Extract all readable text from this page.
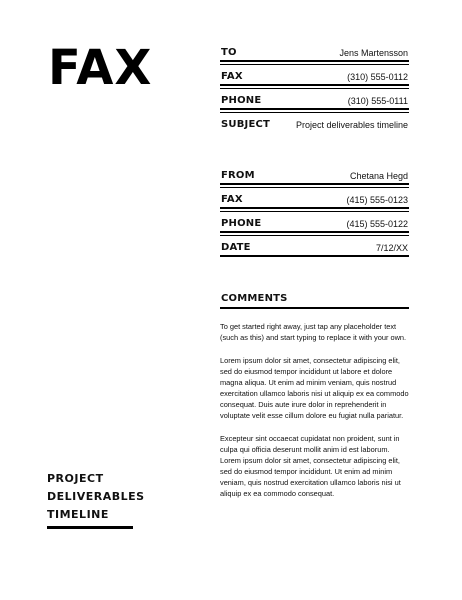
FAX
PROJECT
DELIVERABLES
TIMELINE
TO	Jens Martensson
FAX	(310) 555-0112
PHONE	(310) 555-0111
SUBJECT	Project deliverables timeline
FROM	Chetana Hegd
FAX	(415) 555-0123
PHONE	(415) 555-0122
DATE	7/12/XX
COMMENTS

To get started right away, just tap any placeholder text (such as this) and start typing to replace it with your own.

Lorem ipsum dolor sit amet, consectetur adipiscing elit, sed do eiusmod tempor incididunt ut labore et dolore magna aliqua. Ut enim ad minim veniam, quis nostrud exercitation ullamco laboris nisi ut aliquip ex ea commodo consequat. Duis aute irure dolor in reprehenderit in voluptate velit esse cillum dolore eu fugiat nulla pariatur.

Excepteur sint occaecat cupidatat non proident, sunt in culpa qui officia deserunt mollit anim id est laborum. Lorem ipsum dolor sit amet, consectetur adipiscing elit, sed do eiusmod tempor incididunt. Ut enim ad minim veniam, quis nostrud exercitation ullamco laboris nisi ut aliquip ex ea commodo consequat.
